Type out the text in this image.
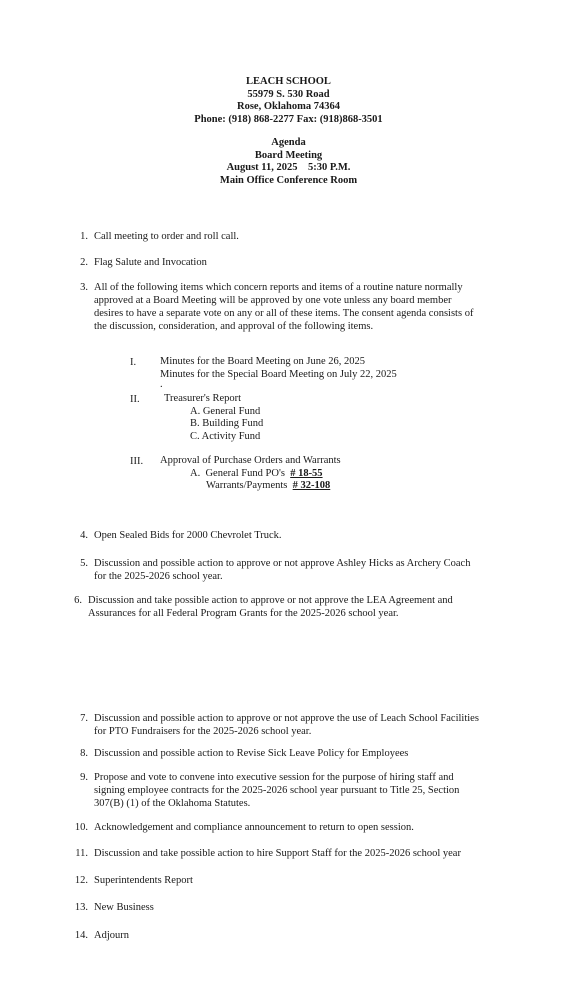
LEACH SCHOOL
55979 S. 530 Road
Rose, Oklahoma 74364
Phone: (918) 868-2277 Fax: (918)868-3501
Agenda
Board Meeting
August 11, 2025    5:30 P.M.
Main Office Conference Room
1. Call meeting to order and roll call.
2. Flag Salute and Invocation
3. All of the following items which concern reports and items of a routine nature normally
approved at a Board Meeting will be approved by one vote unless any board member
desires to have a separate vote on any or all of these items. The consent agenda consists of
the discussion, consideration, and approval of the following items.
I. Minutes for the Board Meeting on June 26, 2025
Minutes for the Special Board Meeting on July 22, 2025
.
II. Treasurer's Report
A. General Fund
B. Building Fund
C. Activity Fund
III. Approval of Purchase Orders and Warrants
A.  General Fund PO's  # 18-55
Warrants/Payments  # 32-108
4. Open Sealed Bids for 2000 Chevrolet Truck.
5. Discussion and possible action to approve or not approve Ashley Hicks as Archery Coach
for the 2025-2026 school year.
6. Discussion and take possible action to approve or not approve the LEA Agreement and
Assurances for all Federal Program Grants for the 2025-2026 school year.
7. Discussion and possible action to approve or not approve the use of Leach School Facilities
for PTO Fundraisers for the 2025-2026 school year.
8. Discussion and possible action to Revise Sick Leave Policy for Employees
9. Propose and vote to convene into executive session for the purpose of hiring staff and
signing employee contracts for the 2025-2026 school year pursuant to Title 25, Section
307(B) (1) of the Oklahoma Statutes.
10. Acknowledgement and compliance announcement to return to open session.
11. Discussion and take possible action to hire Support Staff for the 2025-2026 school year
12. Superintendents Report
13. New Business
14. Adjourn
